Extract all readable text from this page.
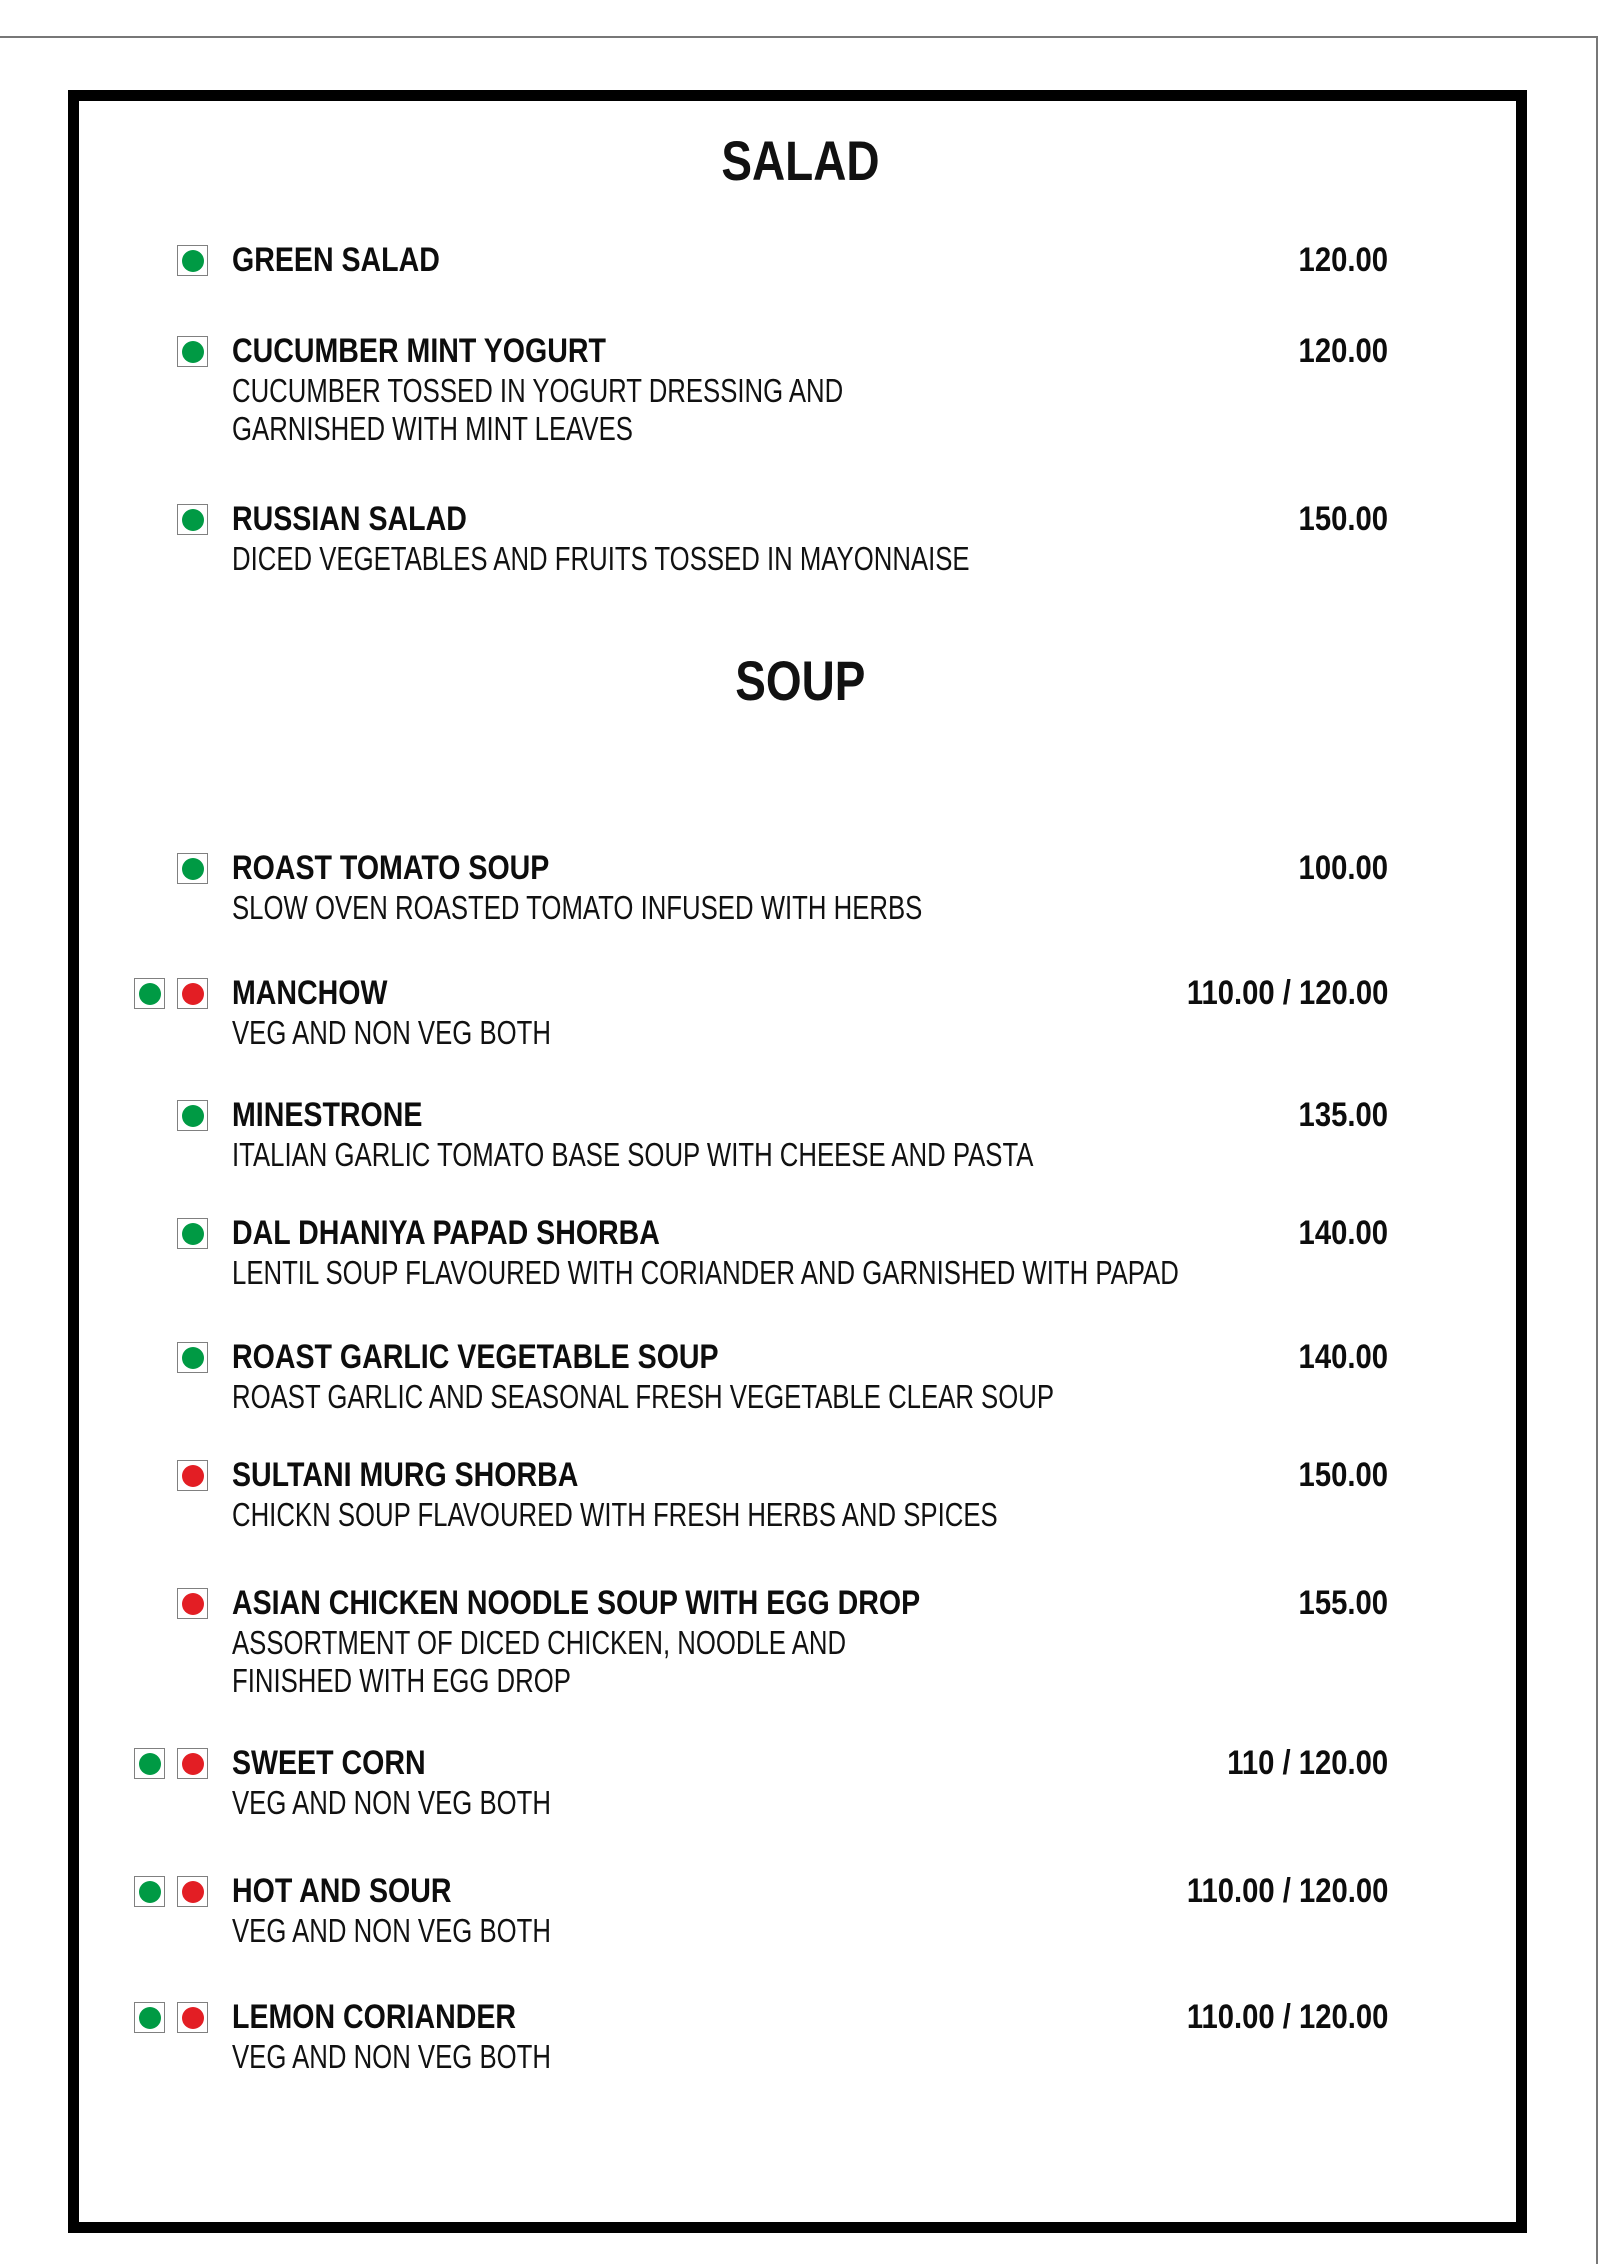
SALAD
SOUP
GREEN SALAD	120.00
CUCUMBER MINT YOGURT	120.00
CUCUMBER TOSSED IN YOGURT DRESSING AND
GARNISHED WITH MINT LEAVES
RUSSIAN SALAD	150.00
DICED VEGETABLES AND FRUITS TOSSED IN MAYONNAISE
ROAST TOMATO SOUP	100.00
SLOW OVEN ROASTED TOMATO INFUSED WITH HERBS
MANCHOW	110.00 / 120.00
VEG AND NON VEG BOTH
MINESTRONE	135.00
ITALIAN GARLIC TOMATO BASE SOUP WITH CHEESE AND PASTA
DAL DHANIYA PAPAD SHORBA	140.00
LENTIL SOUP FLAVOURED WITH CORIANDER AND GARNISHED WITH PAPAD
ROAST GARLIC VEGETABLE SOUP	140.00
ROAST GARLIC AND SEASONAL FRESH VEGETABLE CLEAR SOUP
SULTANI MURG SHORBA	150.00
CHICKN SOUP FLAVOURED WITH FRESH HERBS AND SPICES
ASIAN CHICKEN NOODLE SOUP WITH EGG DROP	155.00
ASSORTMENT OF DICED CHICKEN, NOODLE AND
FINISHED WITH EGG DROP
SWEET CORN	110 / 120.00
VEG AND NON VEG BOTH
HOT AND SOUR	110.00 / 120.00
VEG AND NON VEG BOTH
LEMON CORIANDER	110.00 / 120.00
VEG AND NON VEG BOTH
